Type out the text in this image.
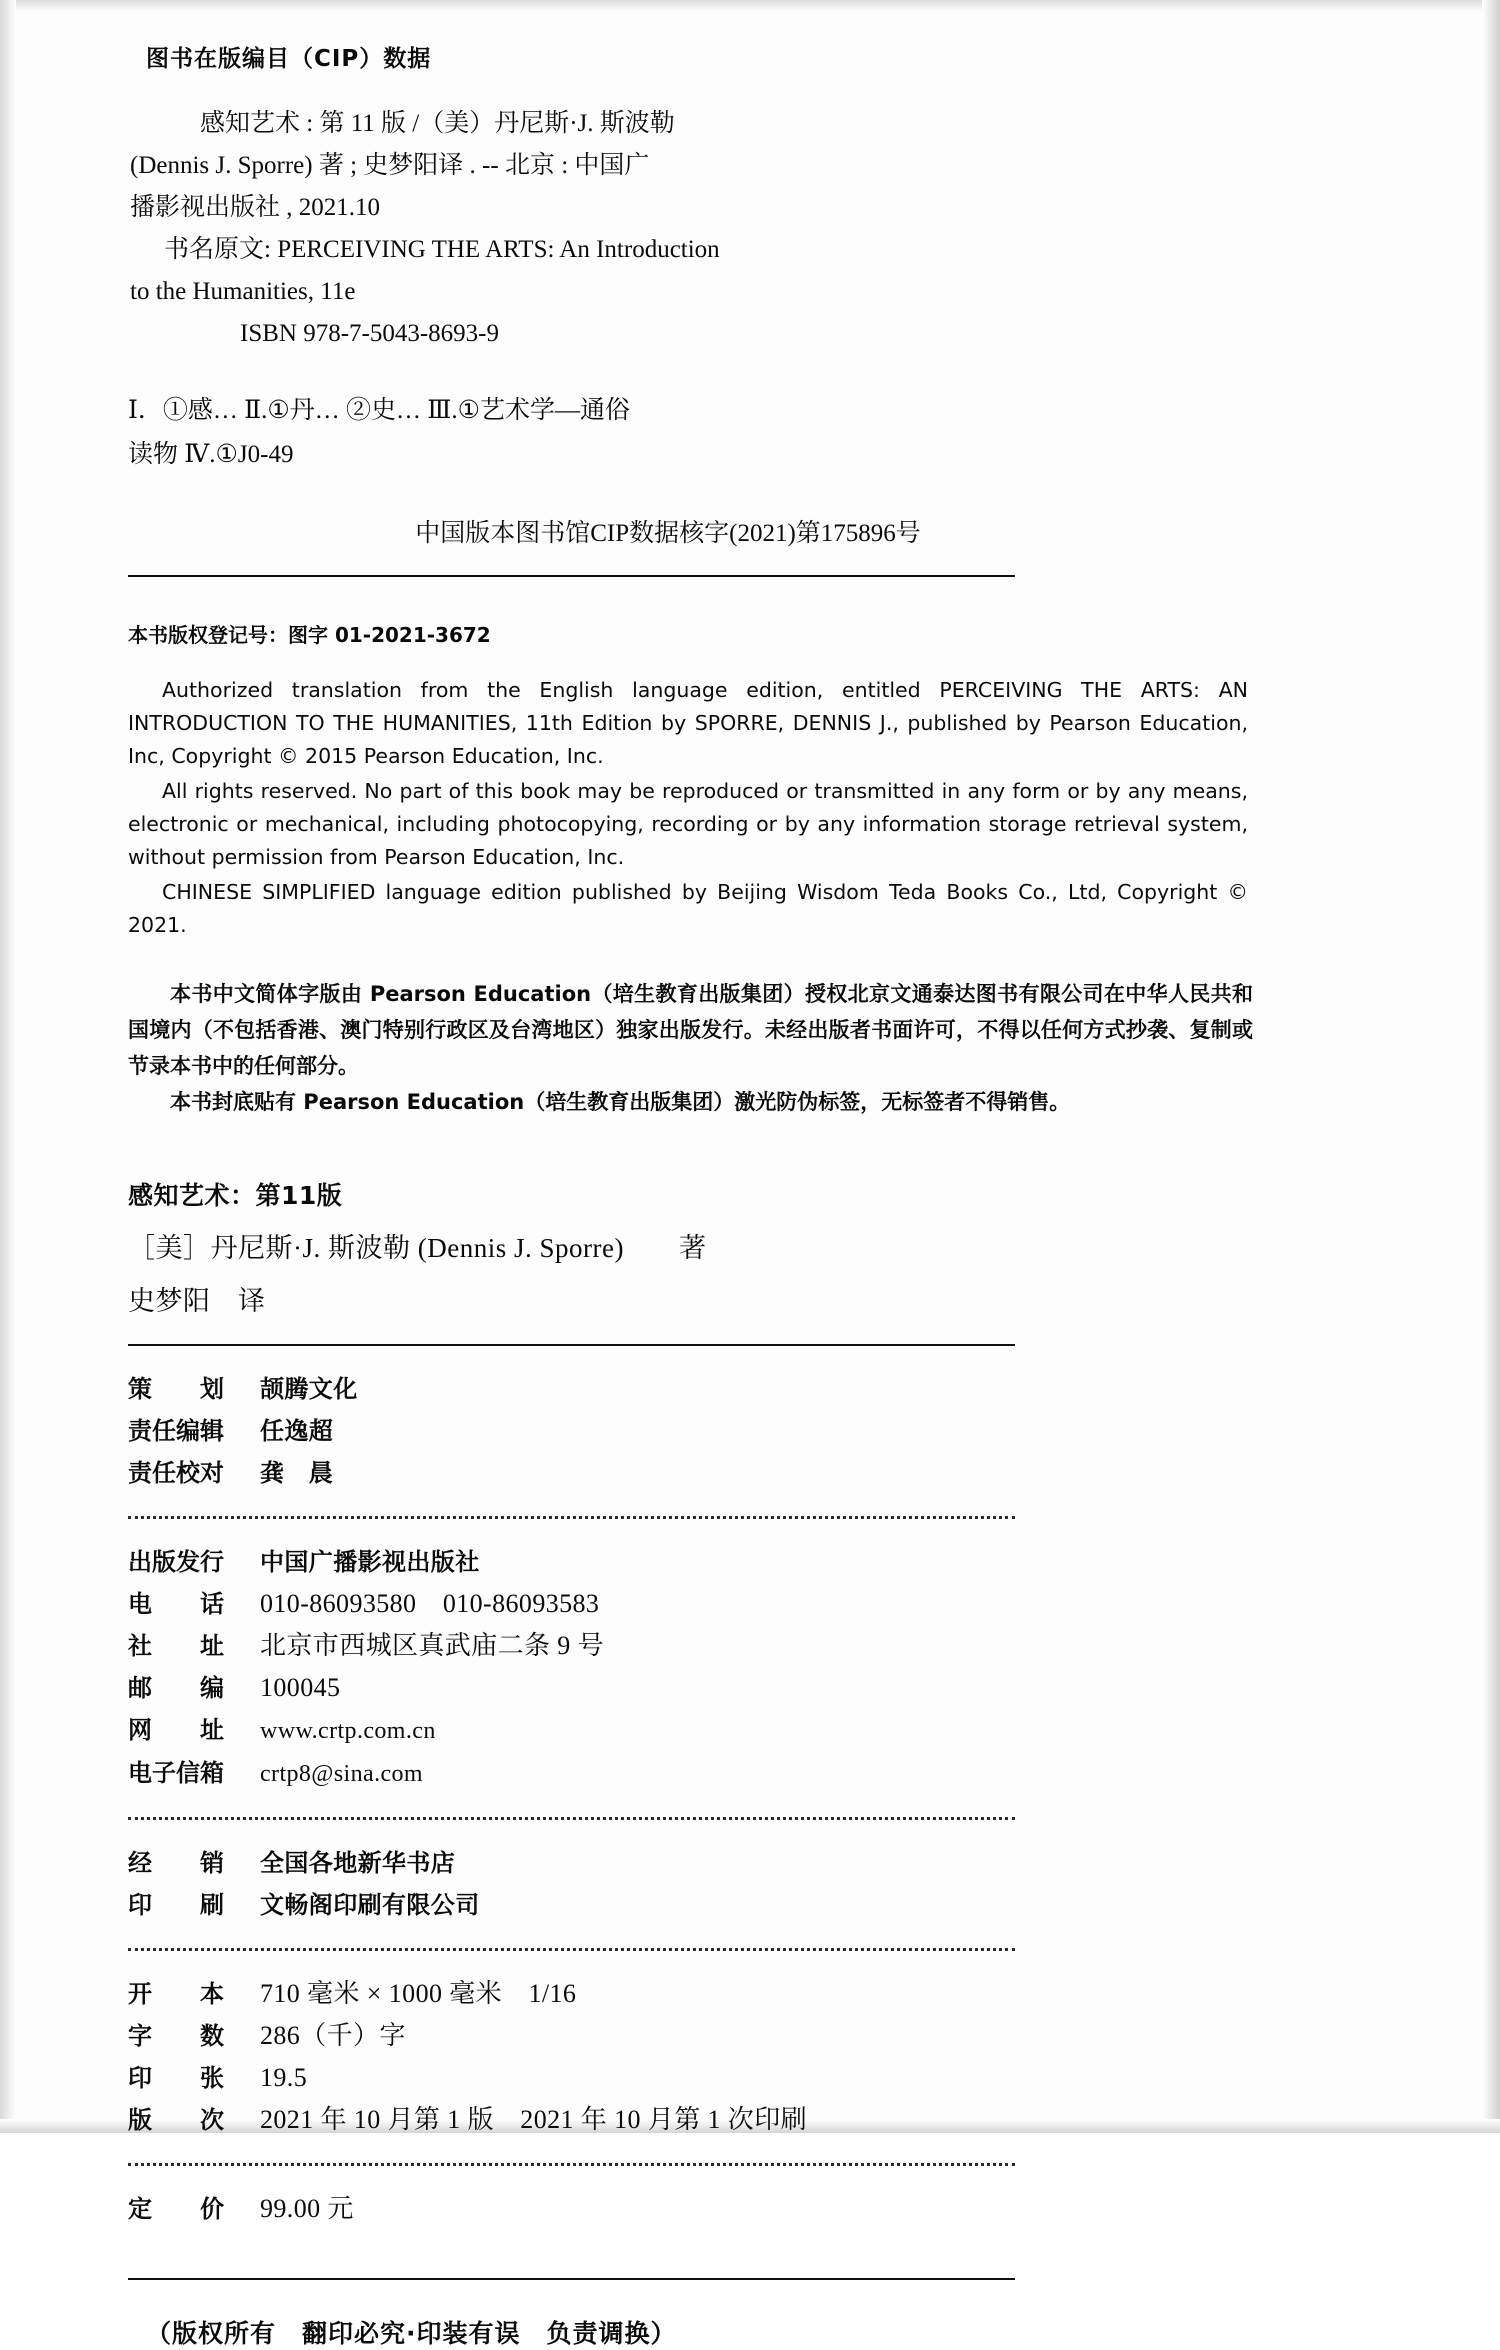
图书在版编目（CIP）数据
感知艺术 : 第 11 版 /（美）丹尼斯·J. 斯波勒
(Dennis J. Sporre) 著 ; 史梦阳译 . -- 北京 : 中国广
播影视出版社 , 2021.10
书名原文: PERCEIVING THE ARTS: An Introduction
to the Humanities, 11e
ISBN 978-7-5043-8693-9
Ⅰ．①感… Ⅱ.①丹… ②史… Ⅲ.①艺术学—通俗
读物 Ⅳ.①J0-49
中国版本图书馆CIP数据核字(2021)第175896号
本书版权登记号：图字 01-2021-3672

Authorized translation from the English language edition, entitled PERCEIVING THE ARTS: AN INTRODUCTION TO THE HUMANITIES, 11th Edition by SPORRE, DENNIS J., published by Pearson Education, Inc, Copyright © 2015 Pearson Education, Inc.

All rights reserved. No part of this book may be reproduced or transmitted in any form or by any means, electronic or mechanical, including photocopying, recording or by any information storage retrieval system, without permission from Pearson Education, Inc.

CHINESE SIMPLIFIED language edition published by Beijing Wisdom Teda Books Co., Ltd, Copyright © 2021.

本书中文简体字版由 Pearson Education（培生教育出版集团）授权北京文通泰达图书有限公司在中华人民共和国境内（不包括香港、澳门特别行政区及台湾地区）独家出版发行。未经出版者书面许可，不得以任何方式抄袭、复制或节录本书中的任何部分。

本书封底贴有 Pearson Education（培生教育出版集团）激光防伪标签，无标签者不得销售。

感知艺术：第11版
［美］丹尼斯·J. 斯波勒 (Dennis J. Sporre)　　著
史梦阳　译
策　　划	颉腾文化
责任编辑	任逸超
责任校对	龚　晨
出版发行	中国广播影视出版社
电　　话	010-86093580　010-86093583
社　　址	北京市西城区真武庙二条 9 号
邮　　编	100045
网　　址	www.crtp.com.cn
电子信箱	crtp8@sina.com
经　　销	全国各地新华书店
印　　刷	文畅阁印刷有限公司
开　　本	710 毫米 × 1000 毫米　1/16
字　　数	286（千）字
印　　张	19.5
版　　次	2021 年 10 月第 1 版　2021 年 10 月第 1 次印刷
定　　价	99.00 元
（版权所有　翻印必究·印装有误　负责调换）
